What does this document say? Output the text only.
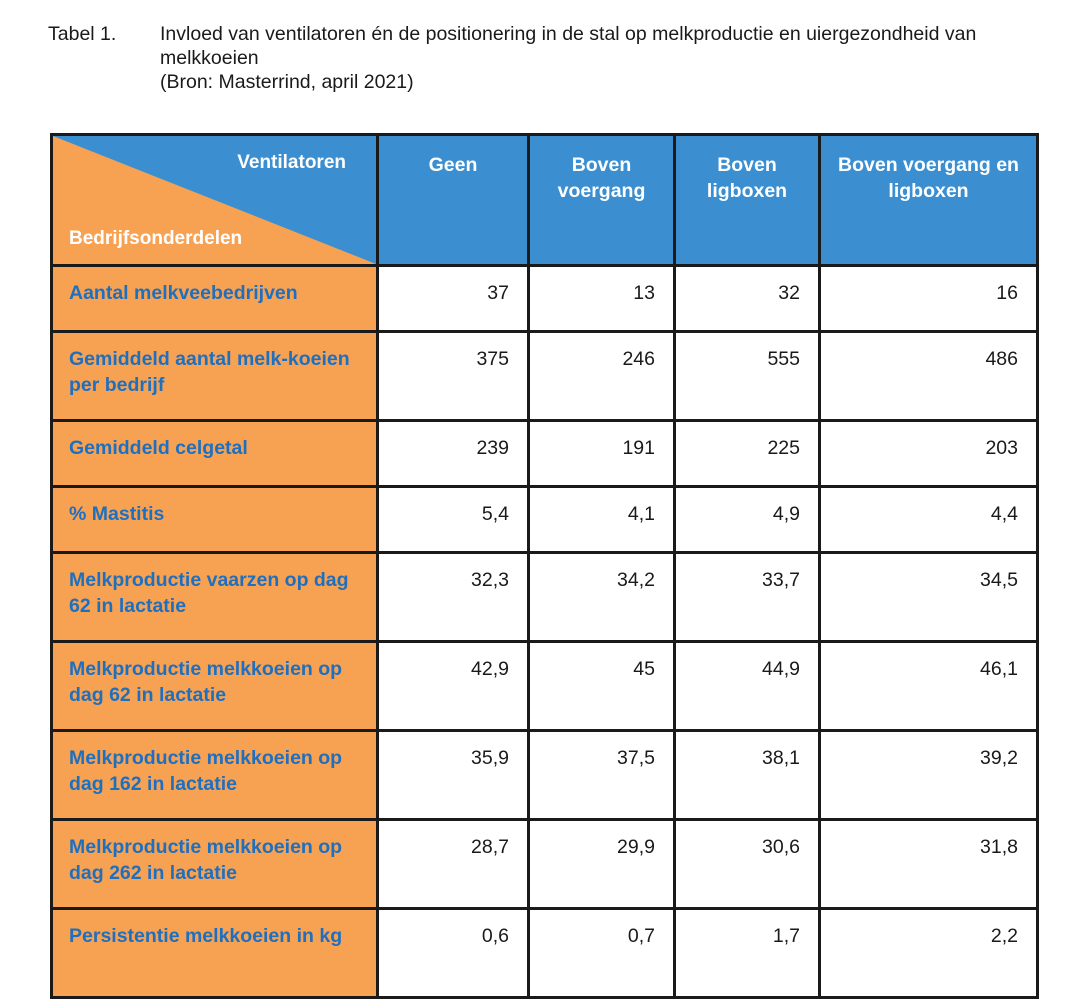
Tabel 1. Invloed van ventilatoren én de positionering in de stal op melkproductie en uiergezondheid van melkkoeien
(Bron: Masterrind, april 2021)
Ventilatoren
Bedrijfsonderdelen	Geen	Boven voergang	Boven ligboxen	Boven voergang en ligboxen
Aantal melkveebedrijven	37	13	32	16
Gemiddeld aantal melk-koeien per bedrijf	375	246	555	486
Gemiddeld celgetal	239	191	225	203
% Mastitis	5,4	4,1	4,9	4,4
Melkproductie vaarzen op dag 62 in lactatie	32,3	34,2	33,7	34,5
Melkproductie melkkoeien op dag 62 in lactatie	42,9	45	44,9	46,1
Melkproductie melkkoeien op dag 162 in lactatie	35,9	37,5	38,1	39,2
Melkproductie melkkoeien op dag 262 in lactatie	28,7	29,9	30,6	31,8
Persistentie melkkoeien in kg	0,6	0,7	1,7	2,2
